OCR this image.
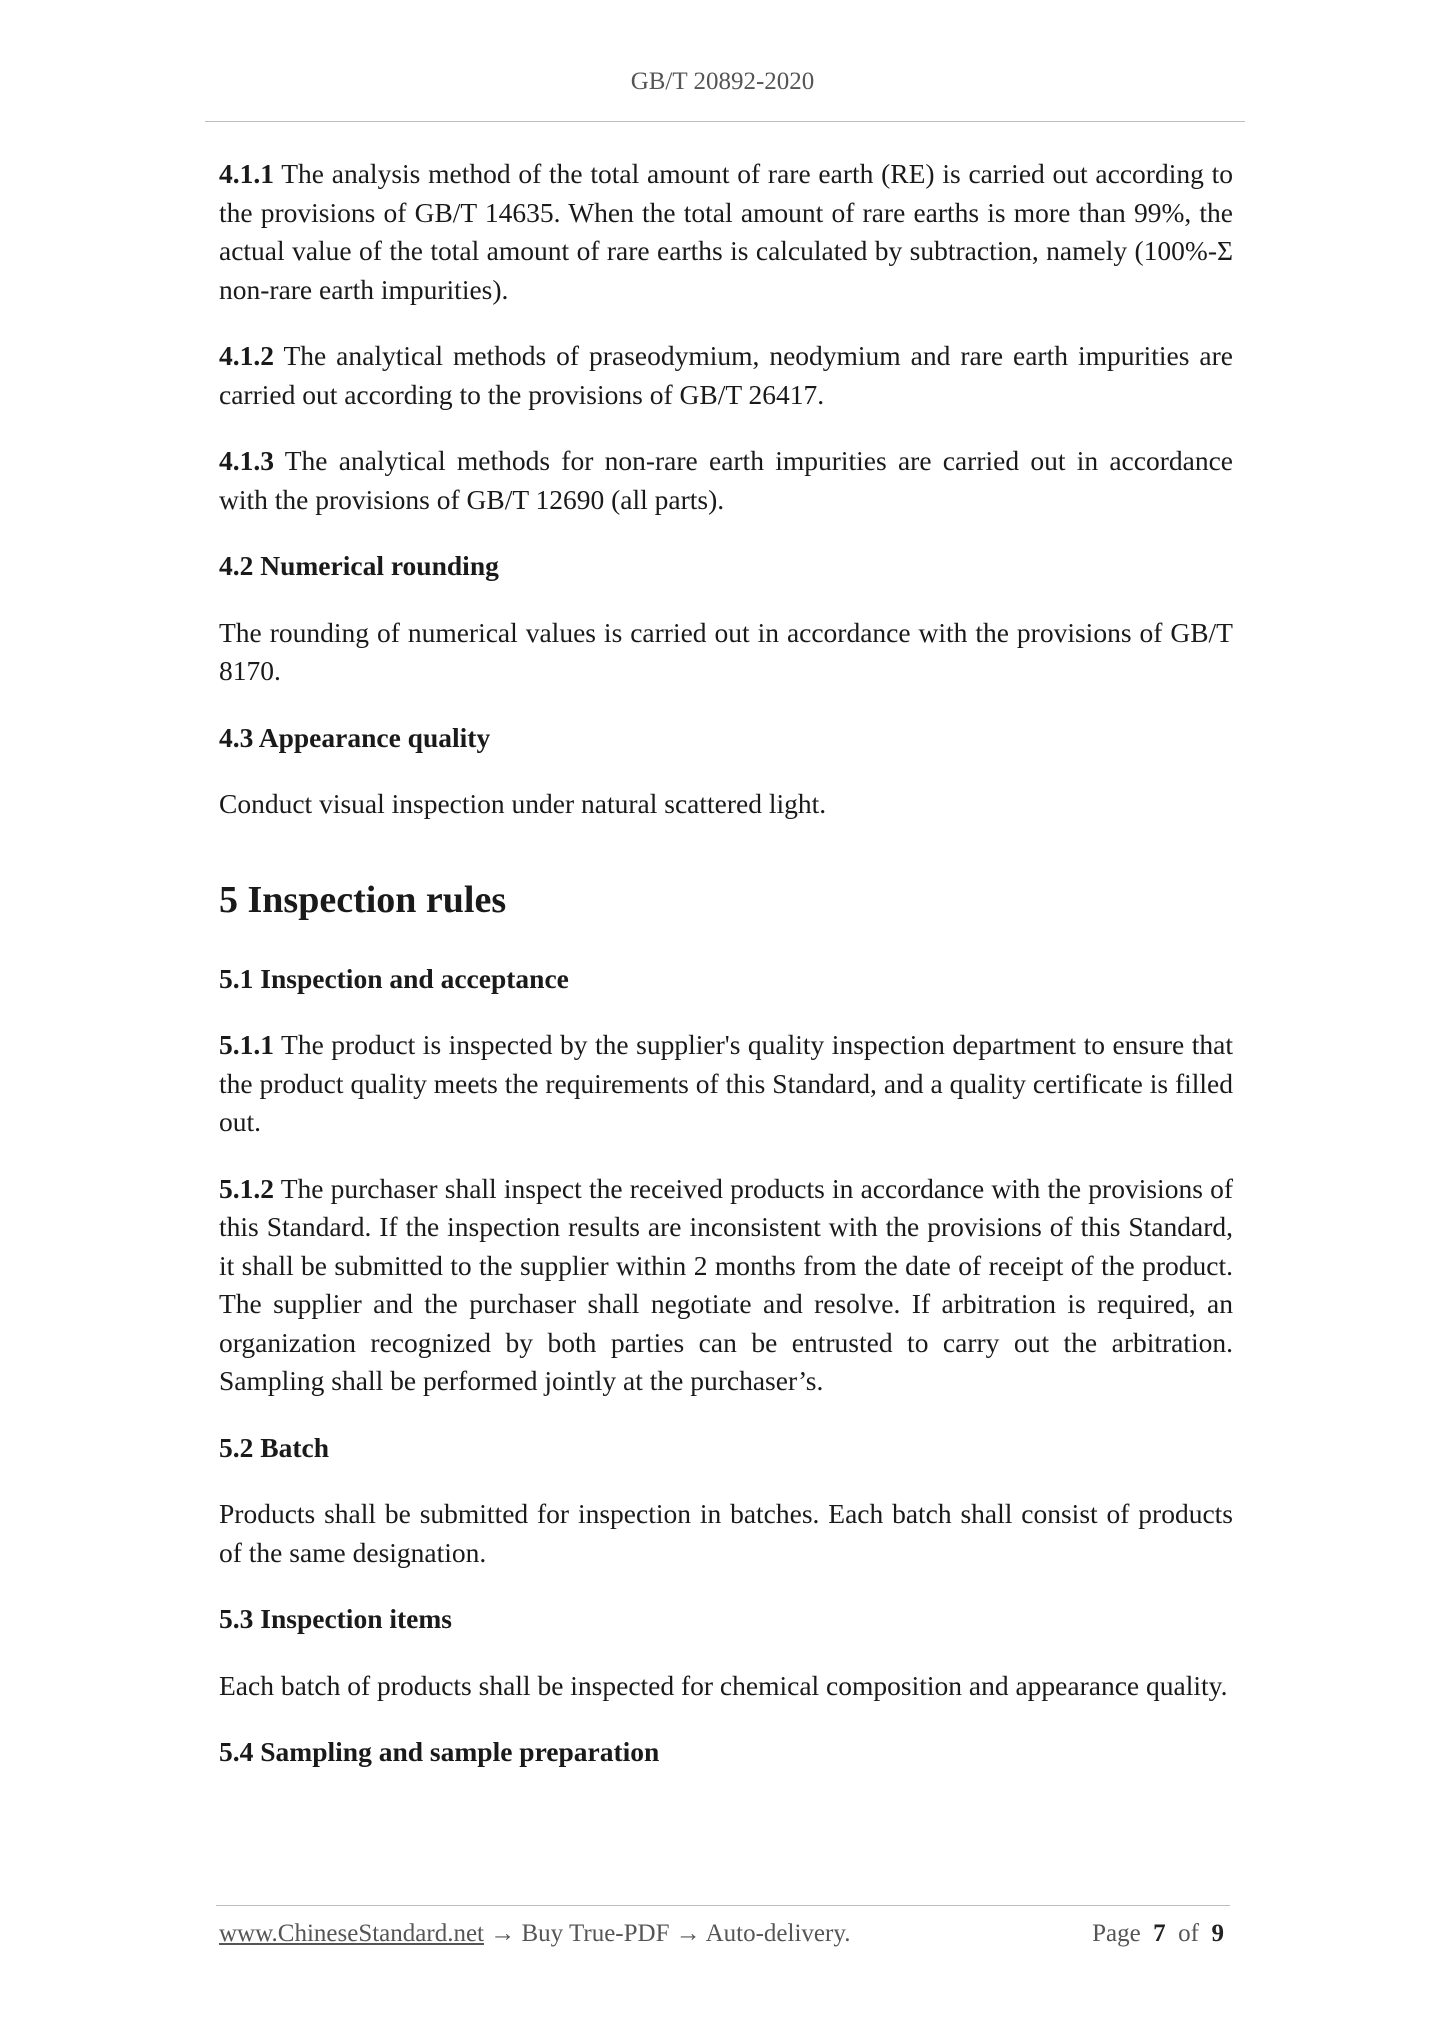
GB/T 20892-2020

4.1.1 The analysis method of the total amount of rare earth (RE) is carried out according to the provisions of GB/T 14635. When the total amount of rare earths is more than 99%, the actual value of the total amount of rare earths is calculated by subtraction, namely (100%-Σ non-rare earth impurities).

4.1.2 The analytical methods of praseodymium, neodymium and rare earth impurities are carried out according to the provisions of GB/T 26417.

4.1.3 The analytical methods for non-rare earth impurities are carried out in accordance with the provisions of GB/T 12690 (all parts).

4.2 Numerical rounding

The rounding of numerical values is carried out in accordance with the provisions of GB/T 8170.

4.3 Appearance quality

Conduct visual inspection under natural scattered light.

5 Inspection rules

5.1 Inspection and acceptance

5.1.1 The product is inspected by the supplier's quality inspection department to ensure that the product quality meets the requirements of this Standard, and a quality certificate is filled out.

5.1.2 The purchaser shall inspect the received products in accordance with the provisions of this Standard. If the inspection results are inconsistent with the provisions of this Standard, it shall be submitted to the supplier within 2 months from the date of receipt of the product. The supplier and the purchaser shall negotiate and resolve. If arbitration is required, an organization recognized by both parties can be entrusted to carry out the arbitration. Sampling shall be performed jointly at the purchaser’s.

5.2 Batch

Products shall be submitted for inspection in batches. Each batch shall consist of products of the same designation.

5.3 Inspection items

Each batch of products shall be inspected for chemical composition and appearance quality.

5.4 Sampling and sample preparation

www.ChineseStandard.net → Buy True-PDF → Auto-delivery.	Page 7 of 9
